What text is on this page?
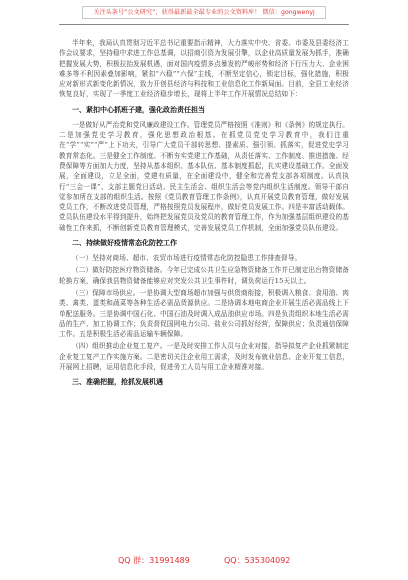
关注头条号“公文研究”，获得最新最全最专业的公文资料库！ 微信：gongwenyj

半年来，我局认真贯彻习近平总书记重要指示精神，大力落实中央、省委、市委及县委经济工作会议要求，坚持稳中求进工作总基调，以招商引资为发展引擎，以企业高质量发展为抓手，准确把握发展大势，积极拉抬发展机遇，面对国内疫情多点暴发的严峻形势和经济下行压力大、企业困难多等不利因素叠加影响，紧扣“六稳”“六保”主线，不断坚定信心，锁定目标，强化措施，积极应对新形式新变化新情况，致力开创县经济与科技和工业信息化工作新局面。目前，全县工业经济恢复良好，实现了一季度工业经济稳步增长，现将上半年工作开展情况总结如下：

一、紧扣中心抓班子建，强化政治责任担当

一是做好从严治党和党风廉政建设工作。管理党员严格按照《准则》和《条例》的规定执行。二是加强党史学习教育，强化思想政治根基。在抓党员党史学习教育中，我们注重在“学”“实”“严”上下功夫，引导广大党员干部转思想、提素质、强引领、抓落实，促进党史学习教育常态化。三是健全工作制度。不断夯实党建工作基础，从责任落实、工作制度、推进措施、经费保障等方面加大力度，坚持从基本组织、基本队伍、基本制度抓起，扎实建设基础工作。全面发展，全面建设，立足全面，党建有质量，在全面建设中，健全和完善党支部各项制度。认真执行“三会一课”、支部主题党日活动、民主生活会、组织生活会等党内组织生活制度。领导干部自觉参加所在支部的组织生活。按照《党员教育管理工作条例》，认真开展党员教育管理，做好发展党员工作，不断改进党员管理，严格按照党员发展程序，做好党员发展工作。四是丰富活动载体。党员队伍建设水平得到提升，始终把发展党员及党员的教育管理工作，作为加强基层组织建设的基础性工作来抓，不断创新党员教育管理模式，完善发展党员工作机制，全面加强党员队伍建设。

二、持续做好疫情常态化防控工作

（一）坚持对商场、超市、农贸市场进行疫情常态化防控隐患工作排查督导。

（二）做好防控医疗物资储备。今年已完成公共卫生应急物资储备工作并已制定出台物资储备轮换方案，确保我县物资储备能够应对突发公共卫生事件时，调负荷运行15天以上。

（三）保障市场供应。一是协调大型商场超市加强与供货商衔接，积极调入粮食、食用油、肉类、禽类、蛋类和蔬菜等各种生活必需品货源供应。二是协调本地电商企业开展生活必需品线上下单配送服务。三是协调中国石化、中国石油及时调入成品油供应市场。四是负责组织本地生活必需品的生产、加工协调工作；负责督促国网电力公司、盐业公司抓好经营，保障供应；负责通信保障工作。五是积极生活必需品运输车辆保障。

（四）组织推动企业复工复产。一是及时安排工作人员与企业对接，指导拟复产企业抓紧制定企业复工复产工作实施方案。二是密切关注企业用工需求，及时发布就业信息、企业开复工信息，开展网上招聘，运用信息化手段，促进务工人员与用工企业精准对接。

三、准确把握，抢抓发展机遇
QQ 群：31991489	QQ：535304092
